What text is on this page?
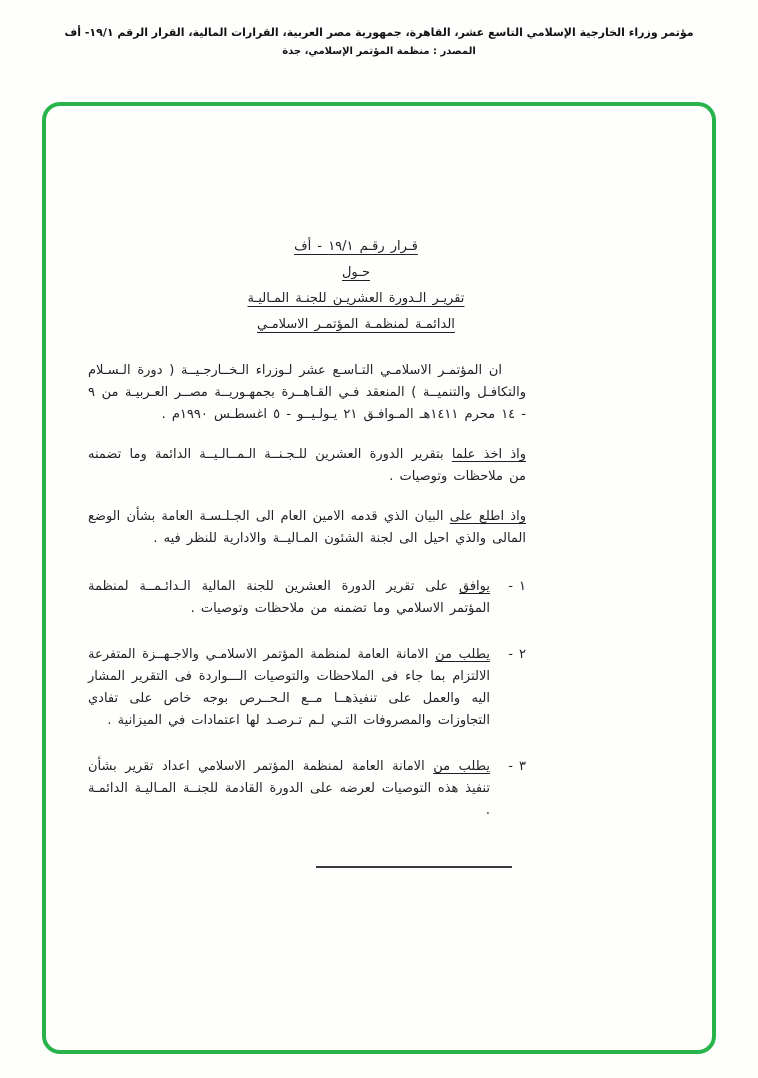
مؤتمر وزراء الخارجية الإسلامي التاسع عشر، القاهرة، جمهورية مصر العربية، القرارات المالية، القرار الرقم ١٩/١- أف
المصدر : منظمة المؤتمر الإسلامي، جدة
قـرار رقـم ١٩/١ - أف
حـول
تقريـر الـدورة العشريـن للجنـة المـاليـة
الدائمـة لمنظمـة المؤتمـر الاسلامـي

ان المؤتمـر الاسلامـي التـاسـع عشر لـوزراء الـخــارجـيــة ( دورة الـسـلام والتكافـل والتنميــة ) المنعقد فـي القـاهــرة بجمهـوريــة مصــر العـربيـة من ٩ - ١٤ محرم ١٤١١هـ المـوافـق ٢١ يـولـيــو - ٥ اغسطـس ١٩٩٠م .

واذ اخذ علما بتقرير الدورة العشرين للـجـنــة الـمــالـيــة الدائمة وما تضمنه من ملاحظات وتوصيات .

واذ اطلع على البيان الذي قدمه الامين العام الى الجـلـسـة العامة بشأن الوضع المالى والذي احيل الى لجنة الشئون المـاليــة والادارية للنظر فيه .

١ -
يوافق على تقرير الدورة العشرين للجنة المالية الـدائـمــة لمنظمة المؤتمر الاسلامي وما تضمنه من ملاحظات وتوصيات .
٢ -
يطلب من الامانة العامة لمنظمة المؤتمر الاسلامـي والاجـهــزة المتفرعة الالتزام بما جاء فى الملاحظات والتوصيات الـــواردة فى التقرير المشار اليه والعمل على تنفيذهــا مــع الـحــرص بوجه خاص على تفادي التجاوزات والمصروفات التـي لـم تـرصـد لها اعتمادات في الميزانية .
٣ -
يطلب من الامانة العامة لمنظمة المؤتمر الاسلامي اعداد تقرير بشأن تنفيذ هذه التوصيات لعرضه على الدورة القادمة للجنــة المـاليـة الدائمـة .
